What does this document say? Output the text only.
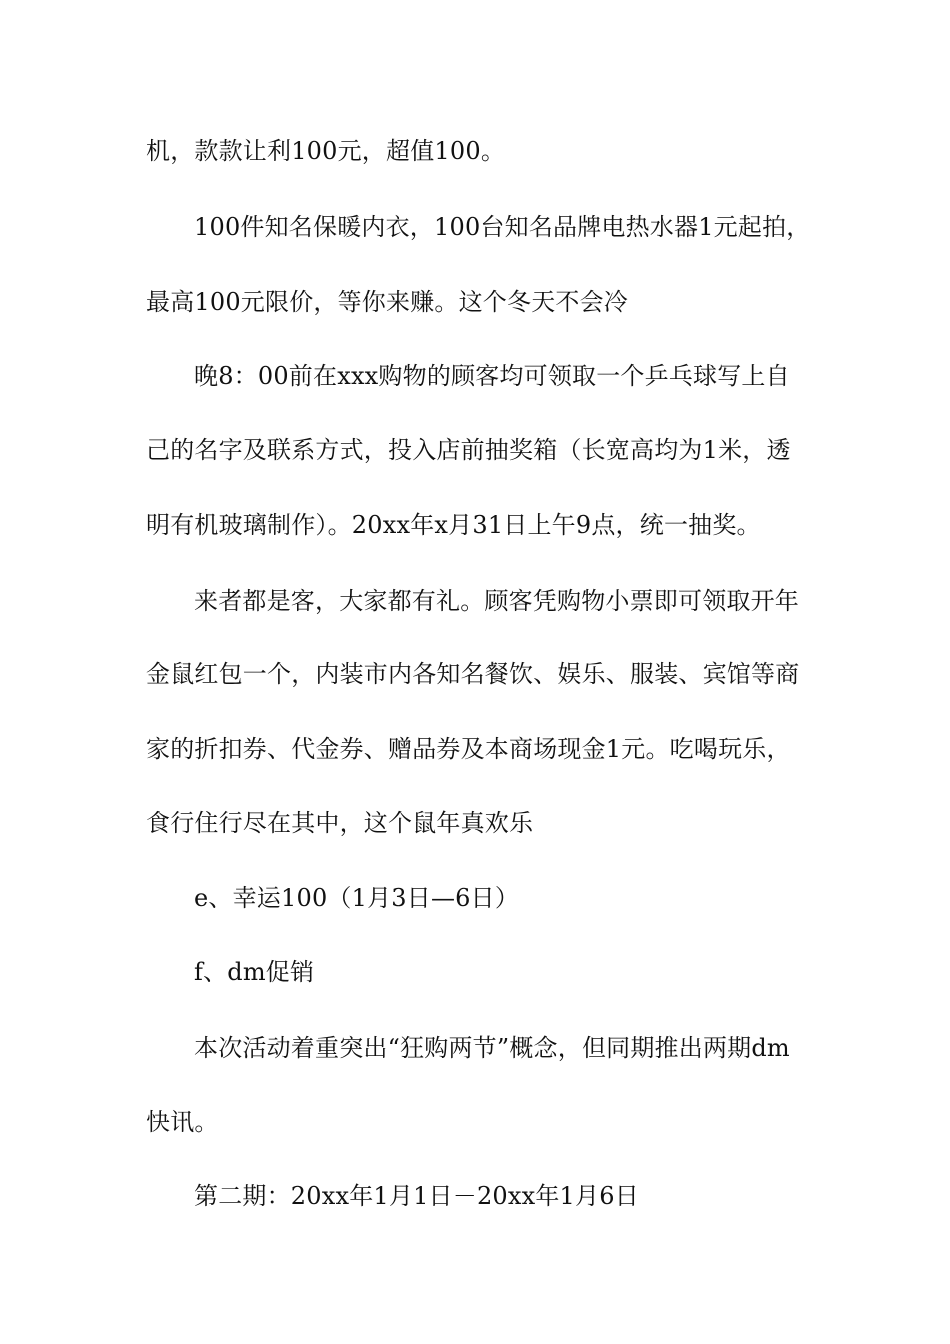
机，款款让利100元，超值100。
100件知名保暖内衣，100台知名品牌电热水器1元起拍，
最高100元限价，等你来赚。这个冬天不会冷
晚8：00前在xxx购物的顾客均可领取一个乒乓球写上自
己的名字及联系方式，投入店前抽奖箱（长宽高均为1米，透
明有机玻璃制作）。20xx年x月31日上午9点，统一抽奖。
来者都是客，大家都有礼。顾客凭购物小票即可领取开年
金鼠红包一个，内装市内各知名餐饮、娱乐、服装、宾馆等商
家的折扣券、代金券、赠品券及本商场现金1元。吃喝玩乐，
食行住行尽在其中，这个鼠年真欢乐
e、幸运100（1月3日—6日）
f、dm促销
本次活动着重突出“狂购两节”概念，但同期推出两期dm
快讯。
第二期：20xx年1月1日－20xx年1月6日
